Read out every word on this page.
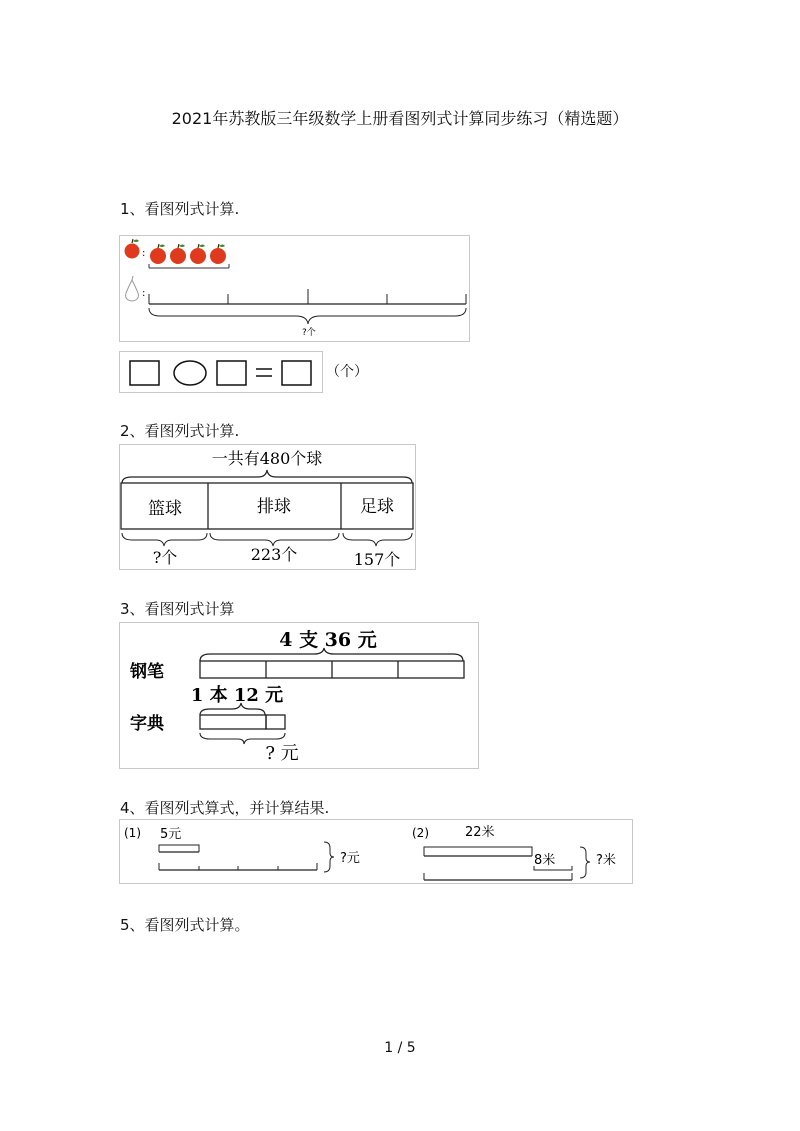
2021年苏教版三年级数学上册看图列式计算同步练习（精选题）
1、看图列式计算.
:
:
?个
（个）
2、看图列式计算.
一共有480个球
篮球	排球	足球
?个	223个	157个
3、看图列式计算
4 支 36 元
钢笔
1 本 12 元
字典
? 元
4、看图列式算式，并计算结果.
(1) 5元
?元
(2)	22米
8米	?米
5、看图列式计算。
1 / 5
